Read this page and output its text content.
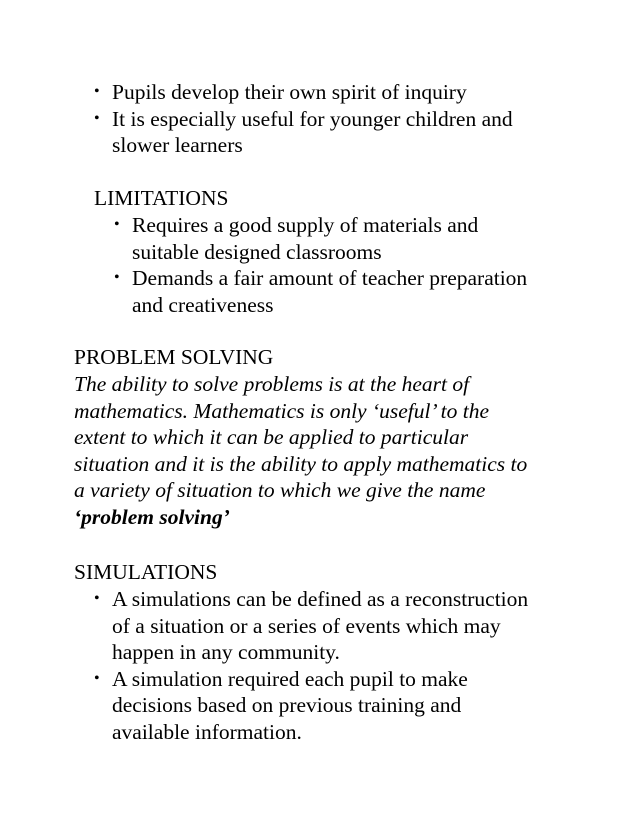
• Pupils develop their own spirit of inquiry
• It is especially useful for younger children and
slower learners
LIMITATIONS
• Requires a good supply of materials and
suitable designed classrooms
• Demands a fair amount of teacher preparation
and creativeness
PROBLEM SOLVING
The ability to solve problems is at the heart of
mathematics. Mathematics is only ‘useful’ to the
extent to which it can be applied to particular
situation and it is the ability to apply mathematics to
a variety of situation to which we give the name
‘problem solving’
SIMULATIONS
• A simulations can be defined as a reconstruction
of a situation or a series of events which may
happen in any community.
• A simulation required each pupil to make
decisions based on previous training and
available information.
